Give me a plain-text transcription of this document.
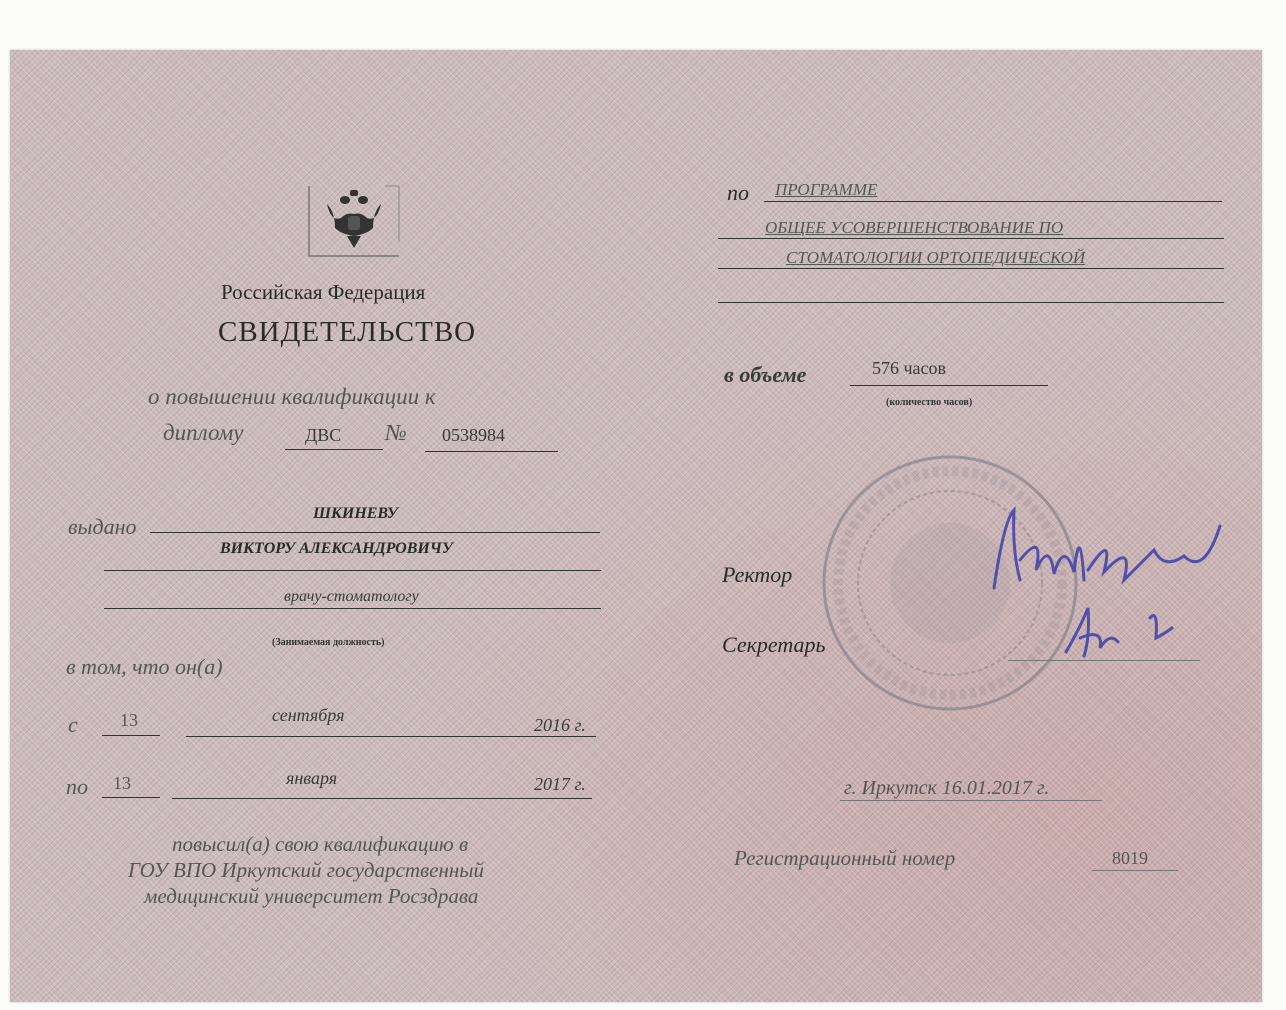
Российская Федерация
СВИДЕТЕЛЬСТВО
о повышении квалификации к
диплому	ДВС № 0538984
выдано
ШКИНЕВУ
ВИКТОРУ АЛЕКСАНДРОВИЧУ
врачу-стоматологу
(Занимаемая должность)
в том, что он(а)
с 13	сентября	2016 г.
по 13	января	2017 г.
повысил(а) свою квалификацию в
ГОУ ВПО Иркутский государственный
медицинский университет Росздрава
по ПРОГРАММЕ
ОБЩЕЕ УСОВЕРШЕНСТВОВАНИЕ ПО
СТОМАТОЛОГИИ ОРТОПЕДИЧЕСКОЙ
в объеме	576 часов
(количество часов)
Ректор
Секретарь
г. Иркутск 16.01.2017 г.
Регистрационный номер	8019
